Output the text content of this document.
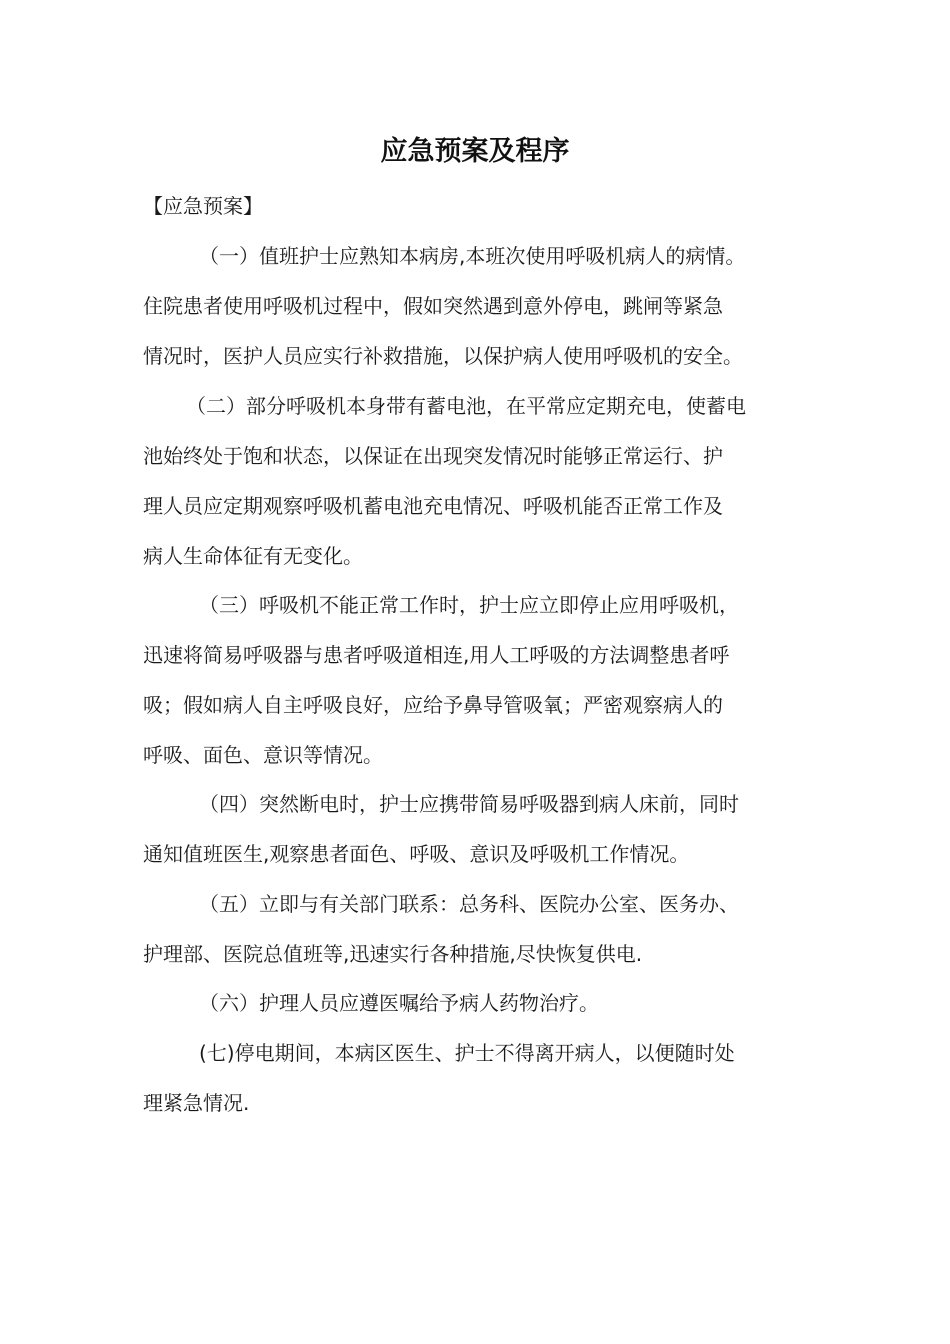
应急预案及程序
【应急预案】
（一）值班护士应熟知本病房,本班次使用呼吸机病人的病情。
住院患者使用呼吸机过程中，假如突然遇到意外停电，跳闸等紧急
情况时，医护人员应实行补救措施，以保护病人使用呼吸机的安全。
（二）部分呼吸机本身带有蓄电池，在平常应定期充电，使蓄电
池始终处于饱和状态，以保证在出现突发情况时能够正常运行、护
理人员应定期观察呼吸机蓄电池充电情况、呼吸机能否正常工作及
病人生命体征有无变化。
（三）呼吸机不能正常工作时，护士应立即停止应用呼吸机，
迅速将简易呼吸器与患者呼吸道相连,用人工呼吸的方法调整患者呼
吸；假如病人自主呼吸良好，应给予鼻导管吸氧；严密观察病人的
呼吸、面色、意识等情况。
（四）突然断电时，护士应携带简易呼吸器到病人床前，同时
通知值班医生,观察患者面色、呼吸、意识及呼吸机工作情况。
（五）立即与有关部门联系：总务科、医院办公室、医务办、
护理部、医院总值班等,迅速实行各种措施,尽快恢复供电.
（六）护理人员应遵医嘱给予病人药物治疗。
(七)停电期间，本病区医生、护士不得离开病人，以便随时处
理紧急情况.
